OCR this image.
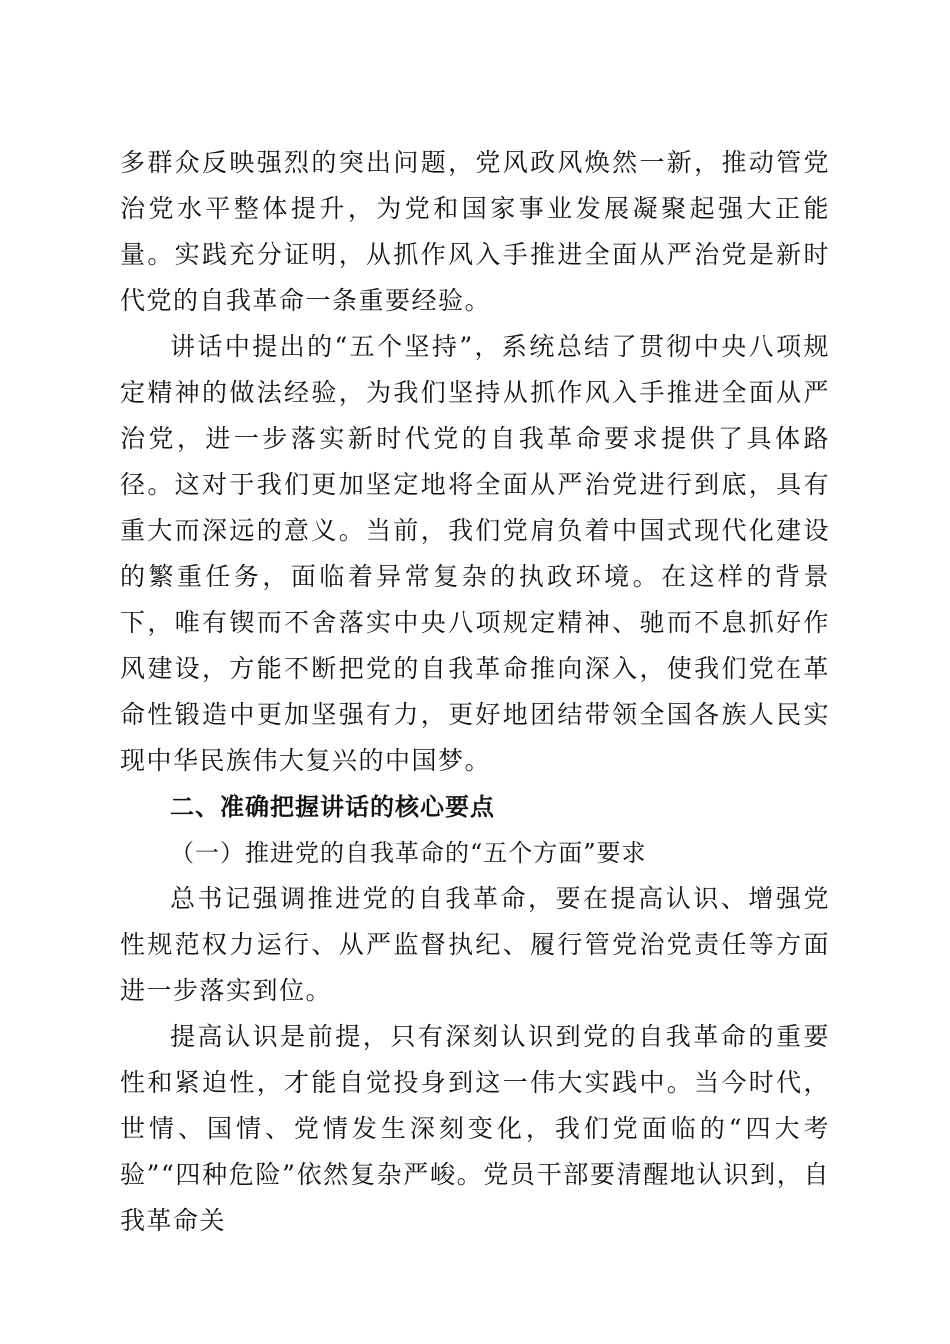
多群众反映强烈的突出问题，党风政风焕然一新，推动管党治党水平整体提升，为党和国家事业发展凝聚起强大正能量。实践充分证明，从抓作风入手推进全面从严治党是新时代党的自我革命一条重要经验。

讲话中提出的“五个坚持”，系统总结了贯彻中央八项规定精神的做法经验，为我们坚持从抓作风入手推进全面从严治党，进一步落实新时代党的自我革命要求提供了具体路径。这对于我们更加坚定地将全面从严治党进行到底，具有重大而深远的意义。当前，我们党肩负着中国式现代化建设的繁重任务，面临着异常复杂的执政环境。在这样的背景下，唯有锲而不舍落实中央八项规定精神、驰而不息抓好作风建设，方能不断把党的自我革命推向深入，使我们党在革命性锻造中更加坚强有力，更好地团结带领全国各族人民实现中华民族伟大复兴的中国梦。

二、准确把握讲话的核心要点

（一）推进党的自我革命的“五个方面”要求

总书记强调推进党的自我革命，要在提高认识、增强党性规范权力运行、从严监督执纪、履行管党治党责任等方面进一步落实到位。

提高认识是前提，只有深刻认识到党的自我革命的重要性和紧迫性，才能自觉投身到这一伟大实践中。当今时代，世情、国情、党情发生深刻变化，我们党面临的“四大考验”“四种危险”依然复杂严峻。党员干部要清醒地认识到，自我革命关
